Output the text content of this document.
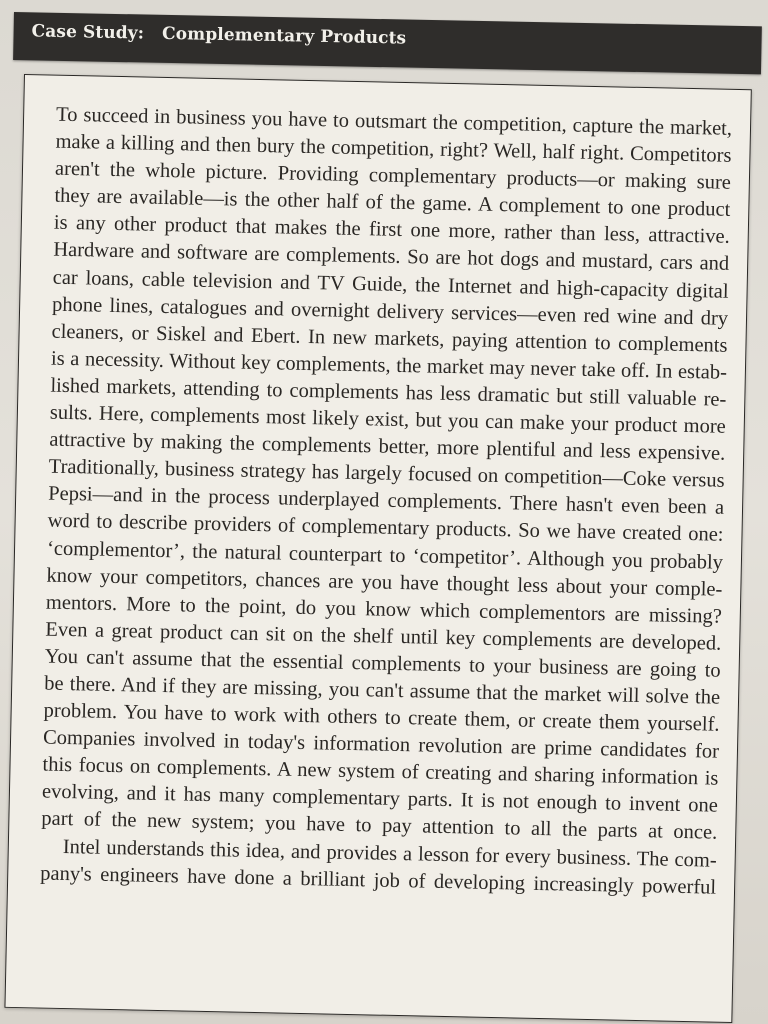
Case Study:   Complementary Products
To succeed in business you have to outsmart the competition, capture the market,
make a killing and then bury the competition, right? Well, half right. Competitors
aren't the whole picture. Providing complementary products—or making sure
they are available—is the other half of the game. A complement to one product
is any other product that makes the first one more, rather than less, attractive.
Hardware and software are complements. So are hot dogs and mustard, cars and
car loans, cable television and TV Guide, the Internet and high-capacity digital
phone lines, catalogues and overnight delivery services—even red wine and dry
cleaners, or Siskel and Ebert. In new markets, paying attention to complements
is a necessity. Without key complements, the market may never take off. In estab-
lished markets, attending to complements has less dramatic but still valuable re-
sults. Here, complements most likely exist, but you can make your product more
attractive by making the complements better, more plentiful and less expensive.
Traditionally, business strategy has largely focused on competition—Coke versus
Pepsi—and in the process underplayed complements. There hasn't even been a
word to describe providers of complementary products. So we have created one:
‘complementor’, the natural counterpart to ‘competitor’. Although you probably
know your competitors, chances are you have thought less about your comple-
mentors. More to the point, do you know which complementors are missing?
Even a great product can sit on the shelf until key complements are developed.
You can't assume that the essential complements to your business are going to
be there. And if they are missing, you can't assume that the market will solve the
problem. You have to work with others to create them, or create them yourself.
Companies involved in today's information revolution are prime candidates for
this focus on complements. A new system of creating and sharing information is
evolving, and it has many complementary parts. It is not enough to invent one
part of the new system; you have to pay attention to all the parts at once.
Intel understands this idea, and provides a lesson for every business. The com-
pany's engineers have done a brilliant job of developing increasingly powerful
